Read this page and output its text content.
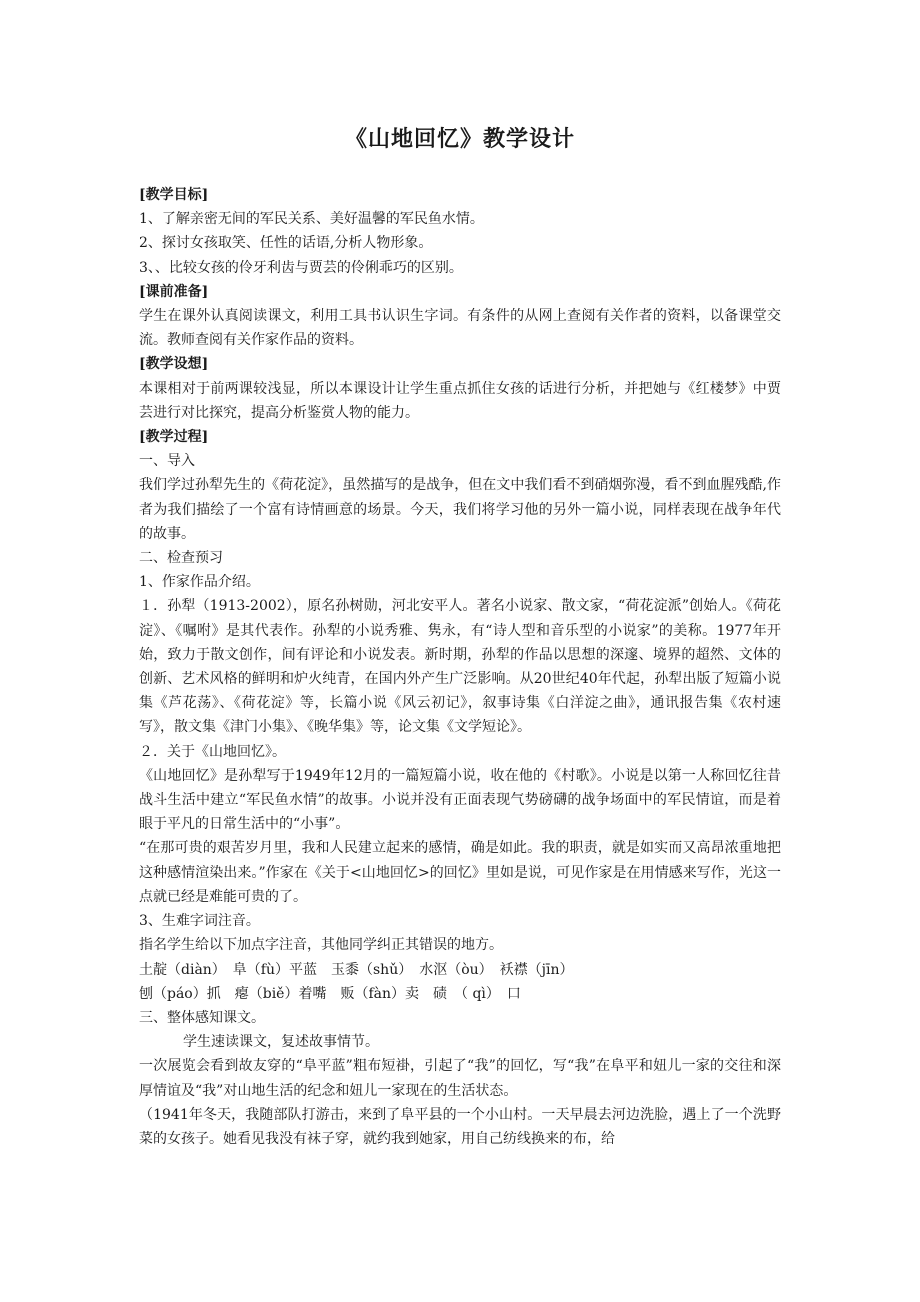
《山地回忆》教学设计

[教学目标]

1、了解亲密无间的军民关系、美好温馨的军民鱼水情。

2、探讨女孩取笑、任性的话语,分析人物形象。

3、、比较女孩的伶牙利齿与贾芸的伶俐乖巧的区别。

[课前准备]

学生在课外认真阅读课文，利用工具书认识生字词。有条件的从网上查阅有关作者的资料，以备课堂交流。教师查阅有关作家作品的资料。

[教学设想]

本课相对于前两课较浅显，所以本课设计让学生重点抓住女孩的话进行分析，并把她与《红楼梦》中贾芸进行对比探究，提高分析鉴赏人物的能力。

[教学过程]

一、导入

我们学过孙犁先生的《荷花淀》，虽然描写的是战争，但在文中我们看不到硝烟弥漫，看不到血腥残酷,作者为我们描绘了一个富有诗情画意的场景。今天，我们将学习他的另外一篇小说，同样表现在战争年代的故事。

二、检查预习

1、作家作品介绍。

１．孙犁（1913-2002），原名孙树勋，河北安平人。著名小说家、散文家，“荷花淀派”创始人。《荷花淀》、《嘱咐》是其代表作。孙犁的小说秀雅、隽永，有“诗人型和音乐型的小说家”的美称。1977年开始，致力于散文创作，间有评论和小说发表。新时期，孙犁的作品以思想的深邃、境界的超然、文体的创新、艺术风格的鲜明和炉火纯青，在国内外产生广泛影响。从20世纪40年代起，孙犁出版了短篇小说集《芦花荡》、《荷花淀》等，长篇小说《风云初记》，叙事诗集《白洋淀之曲》，通讯报告集《农村速写》，散文集《津门小集》、《晚华集》等，论文集《文学短论》。

２．关于《山地回忆》。

《山地回忆》是孙犁写于1949年12月的一篇短篇小说，收在他的《村歌》。小说是以第一人称回忆往昔战斗生活中建立“军民鱼水情”的故事。小说并没有正面表现气势磅礴的战争场面中的军民情谊，而是着眼于平凡的日常生活中的“小事”。

“在那可贵的艰苦岁月里，我和人民建立起来的感情，确是如此。我的职责，就是如实而又高昂浓重地把这种感情渲染出来。”作家在《关于<山地回忆>的回忆》里如是说，可见作家是在用情感来写作，光这一点就已经是难能可贵的了。

3、生难字词注音。

指名学生给以下加点字注音，其他同学纠正其错误的地方。

土靛（diàn）　阜（fù）平蓝　玉黍（shǔ）　水沤（òu）　袄襟（jīn）

刨（páo）抓　瘪（biě）着嘴　贩（fàn）卖　碛　（ qì）　口

三、整体感知课文。

学生速读课文，复述故事情节。

一次展览会看到故友穿的“阜平蓝”粗布短褂，引起了“我”的回忆，写“我”在阜平和妞儿一家的交往和深厚情谊及“我”对山地生活的纪念和妞儿一家现在的生活状态。

（1941年冬天，我随部队打游击，来到了阜平县的一个小山村。一天早晨去河边洗脸，遇上了一个洗野菜的女孩子。她看见我没有袜子穿，就约我到她家，用自己纺线换来的布，给
